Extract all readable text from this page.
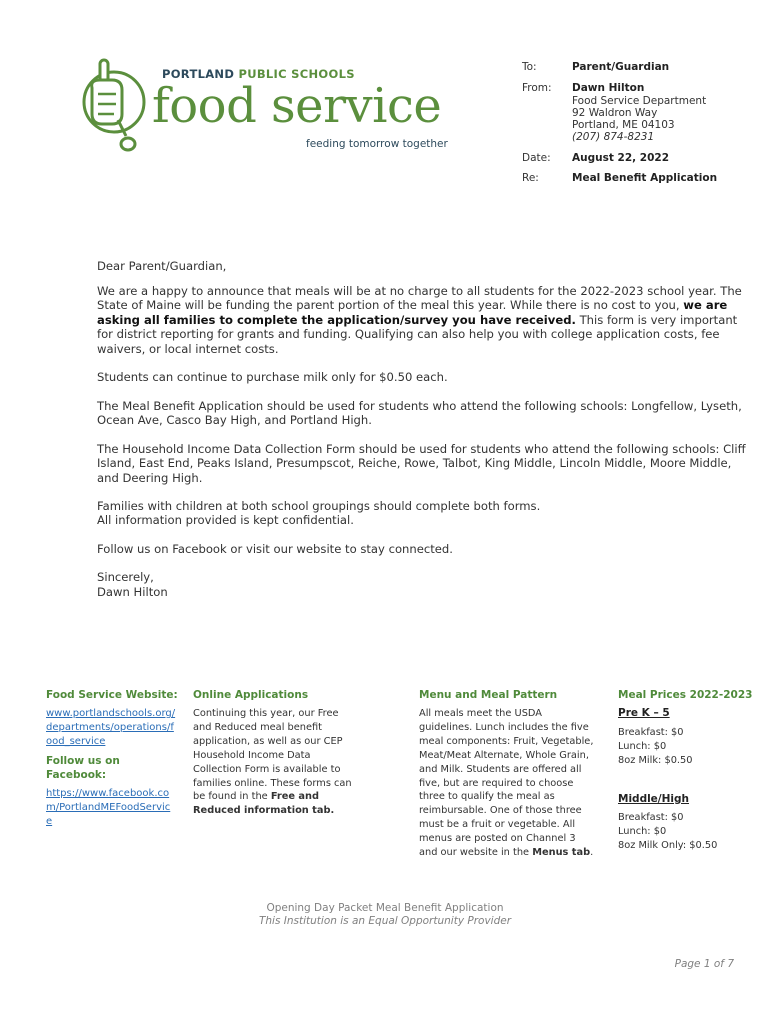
PORTLAND PUBLIC SCHOOLS
food service
feeding tomorrow together
To:	Parent/Guardian
From: Dawn Hilton
Food Service Department
92 Waldron Way
Portland, ME 04103
(207) 874-8231
Date: August 22, 2022
Re:	Meal Benefit Application
Dear Parent/Guardian,

We are a happy to announce that meals will be at no charge to all students for the 2022-2023 school year. The State of Maine will be funding the parent portion of the meal this year. While there is no cost to you, we are asking all families to complete the application/survey you have received. This form is very important for district reporting for grants and funding. Qualifying can also help you with college application costs, fee waivers, or local internet costs.

Students can continue to purchase milk only for $0.50 each.
The Meal Benefit Application should be used for students who attend the following schools: Longfellow, Lyseth, Ocean Ave, Casco Bay High, and Portland High.
The Household Income Data Collection Form should be used for students who attend the following schools: Cliff Island, East End, Peaks Island, Presumpscot, Reiche, Rowe, Talbot, King Middle, Lincoln Middle, Moore Middle, and Deering High.
Families with children at both school groupings should complete both forms.
All information provided is kept confidential.
Follow us on Facebook or visit our website to stay connected.
Sincerely,
Dawn Hilton
Food Service Website:
www.portlandschools.org/departments/operations/food_service
Follow us on Facebook:
https://www.facebook.com/PortlandMEFoodService
Online Applications
Continuing this year, our Free and Reduced meal benefit application, as well as our CEP Household Income Data Collection Form is available to families online. These forms can be found in the Free and Reduced information tab.
Menu and Meal Pattern
All meals meet the USDA guidelines. Lunch includes the five meal components: Fruit, Vegetable, Meat/Meat Alternate, Whole Grain, and Milk. Students are offered all five, but are required to choose three to qualify the meal as reimbursable. One of those three must be a fruit or vegetable. All menus are posted on Channel 3 and our website in the Menus tab.
Meal Prices 2022-2023
Pre K – 5
Breakfast: $0
Lunch: $0
8oz Milk: $0.50
Middle/High
Breakfast: $0
Lunch: $0
8oz Milk Only: $0.50
Opening Day Packet Meal Benefit Application
This Institution is an Equal Opportunity Provider
Page 1 of 7
